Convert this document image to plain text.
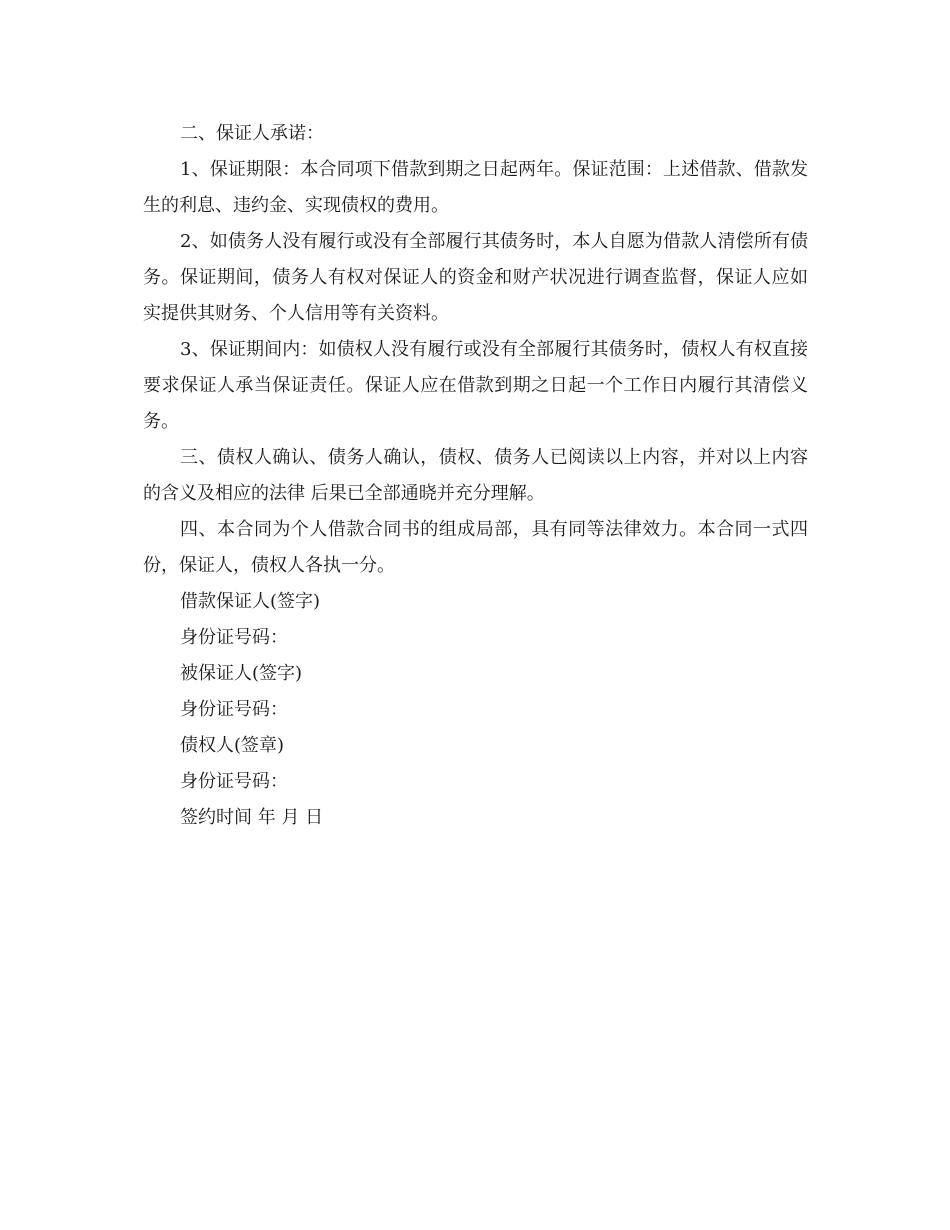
二、保证人承诺：

1、保证期限：本合同项下借款到期之日起两年。保证范围：上述借款、借款发生的利息、违约金、实现债权的费用。

2、如债务人没有履行或没有全部履行其债务时，本人自愿为借款人清偿所有债务。保证期间，债务人有权对保证人的资金和财产状况进行调查监督，保证人应如实提供其财务、个人信用等有关资料。

3、保证期间内：如债权人没有履行或没有全部履行其债务时，债权人有权直接要求保证人承当保证责任。保证人应在借款到期之日起一个工作日内履行其清偿义务。

三、债权人确认、债务人确认，债权、债务人已阅读以上内容，并对以上内容的含义及相应的法律 后果已全部通晓并充分理解。

四、本合同为个人借款合同书的组成局部，具有同等法律效力。本合同一式四份，保证人，债权人各执一分。

借款保证人(签字)

身份证号码：

被保证人(签字)

身份证号码：

债权人(签章)

身份证号码：

签约时间 年 月 日
